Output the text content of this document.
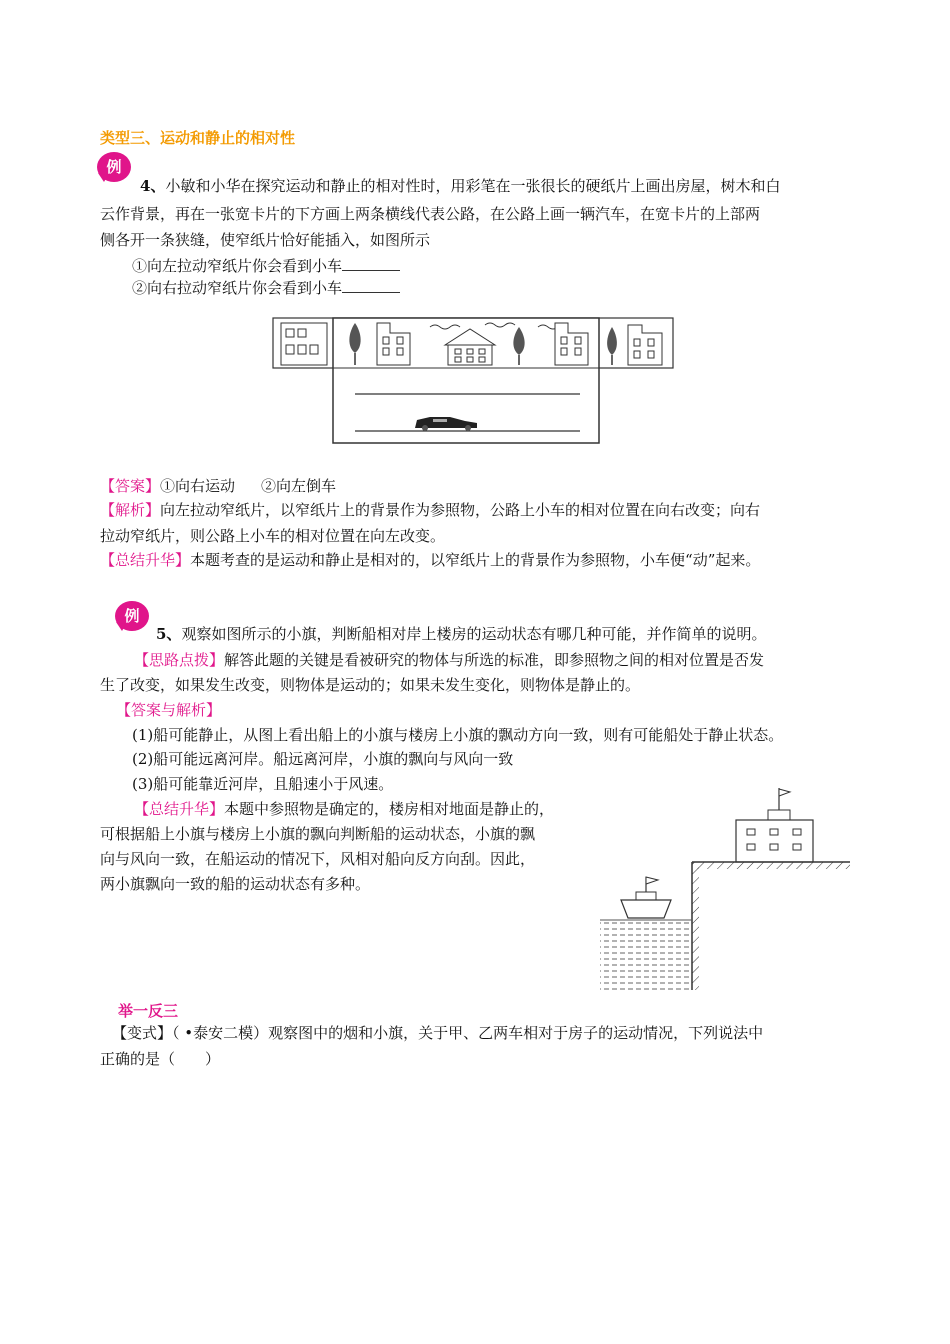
类型三、运动和静止的相对性
例
4、小敏和小华在探究运动和静止的相对性时，用彩笔在一张很长的硬纸片上画出房屋，树木和白
云作背景，再在一张宽卡片的下方画上两条横线代表公路，在公路上画一辆汽车，在宽卡片的上部两
侧各开一条狭缝，使窄纸片恰好能插入，如图所示
①向左拉动窄纸片你会看到小车
②向右拉动窄纸片你会看到小车
【答案】①向右运动 ②向左倒车
【解析】向左拉动窄纸片，以窄纸片上的背景作为参照物，公路上小车的相对位置在向右改变；向右
拉动窄纸片，则公路上小车的相对位置在向左改变。
【总结升华】本题考查的是运动和静止是相对的，以窄纸片上的背景作为参照物，小车便“动”起来。
例
5、观察如图所示的小旗，判断船相对岸上楼房的运动状态有哪几种可能，并作简单的说明。
【思路点拨】解答此题的关键是看被研究的物体与所选的标准，即参照物之间的相对位置是否发
生了改变，如果发生改变，则物体是运动的；如果未发生变化，则物体是静止的。
【答案与解析】
(1)船可能静止，从图上看出船上的小旗与楼房上小旗的飘动方向一致，则有可能船处于静止状态。
(2)船可能远离河岸。船远离河岸，小旗的飘向与风向一致
(3)船可能靠近河岸，且船速小于风速。
【总结升华】本题中参照物是确定的，楼房相对地面是静止的，
可根据船上小旗与楼房上小旗的飘向判断船的运动状态，小旗的飘
向与风向一致，在船运动的情况下，风相对船向反方向刮。因此，
两小旗飘向一致的船的运动状态有多种。
举一反三
【变式】（ •泰安二模）观察图中的烟和小旗，关于甲、乙两车相对于房子的运动情况，下列说法中
正确的是（　　）
